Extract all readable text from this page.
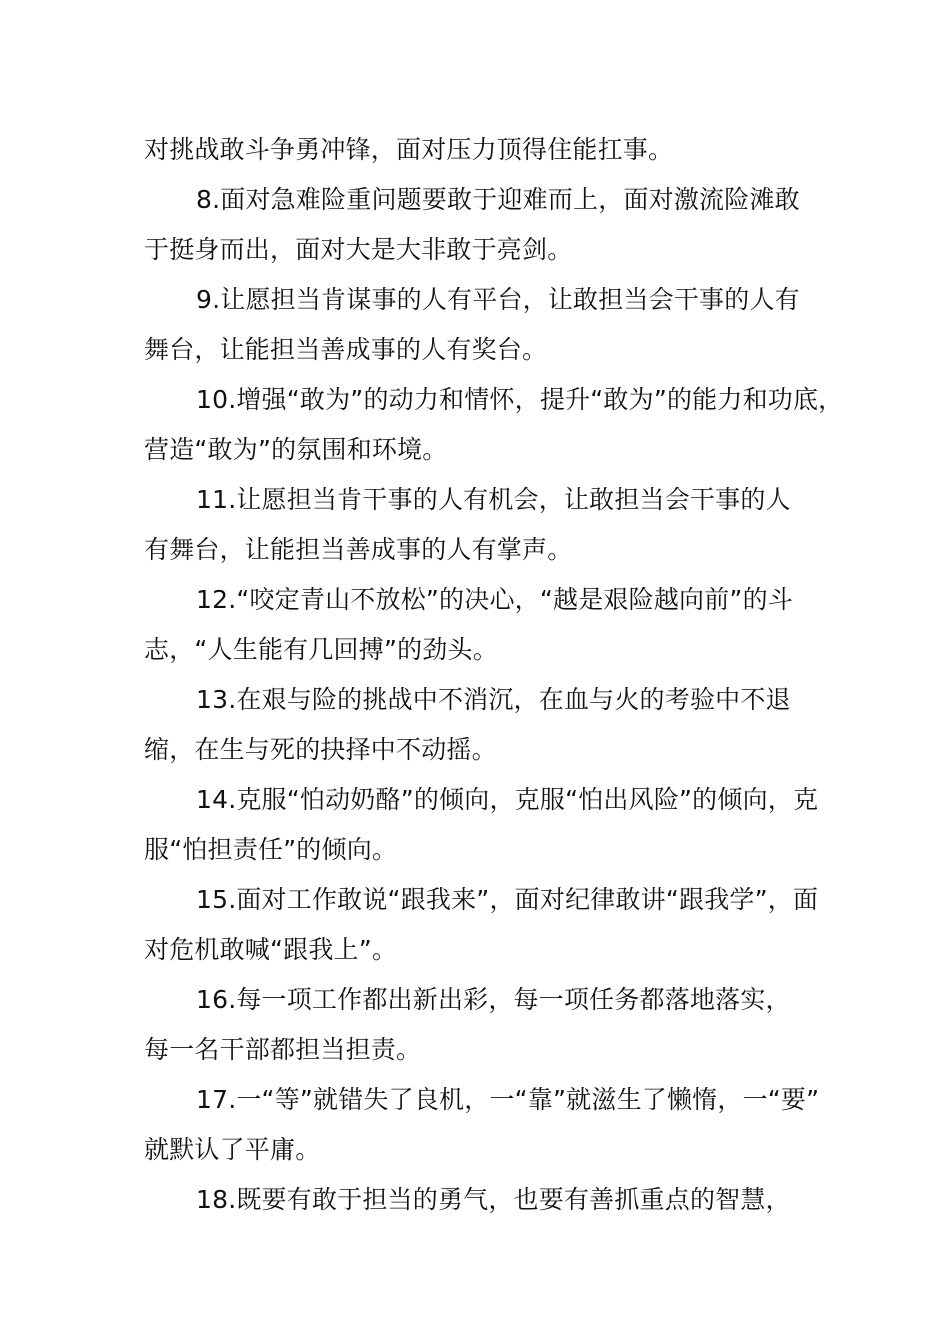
对挑战敢斗争勇冲锋，面对压力顶得住能扛事。
8.面对急难险重问题要敢于迎难而上，面对激流险滩敢
于挺身而出，面对大是大非敢于亮剑。
9.让愿担当肯谋事的人有平台，让敢担当会干事的人有
舞台，让能担当善成事的人有奖台。
10.增强“敢为”的动力和情怀，提升“敢为”的能力和功底，
营造“敢为”的氛围和环境。
11.让愿担当肯干事的人有机会，让敢担当会干事的人
有舞台，让能担当善成事的人有掌声。
12.“咬定青山不放松”的决心，“越是艰险越向前”的斗
志，“人生能有几回搏”的劲头。
13.在艰与险的挑战中不消沉，在血与火的考验中不退
缩，在生与死的抉择中不动摇。
14.克服“怕动奶酪”的倾向，克服“怕出风险”的倾向，克
服“怕担责任”的倾向。
15.面对工作敢说“跟我来”，面对纪律敢讲“跟我学”，面
对危机敢喊“跟我上”。
16.每一项工作都出新出彩，每一项任务都落地落实，
每一名干部都担当担责。
17.一“等”就错失了良机，一“靠”就滋生了懒惰，一“要”
就默认了平庸。
18.既要有敢于担当的勇气，也要有善抓重点的智慧，
